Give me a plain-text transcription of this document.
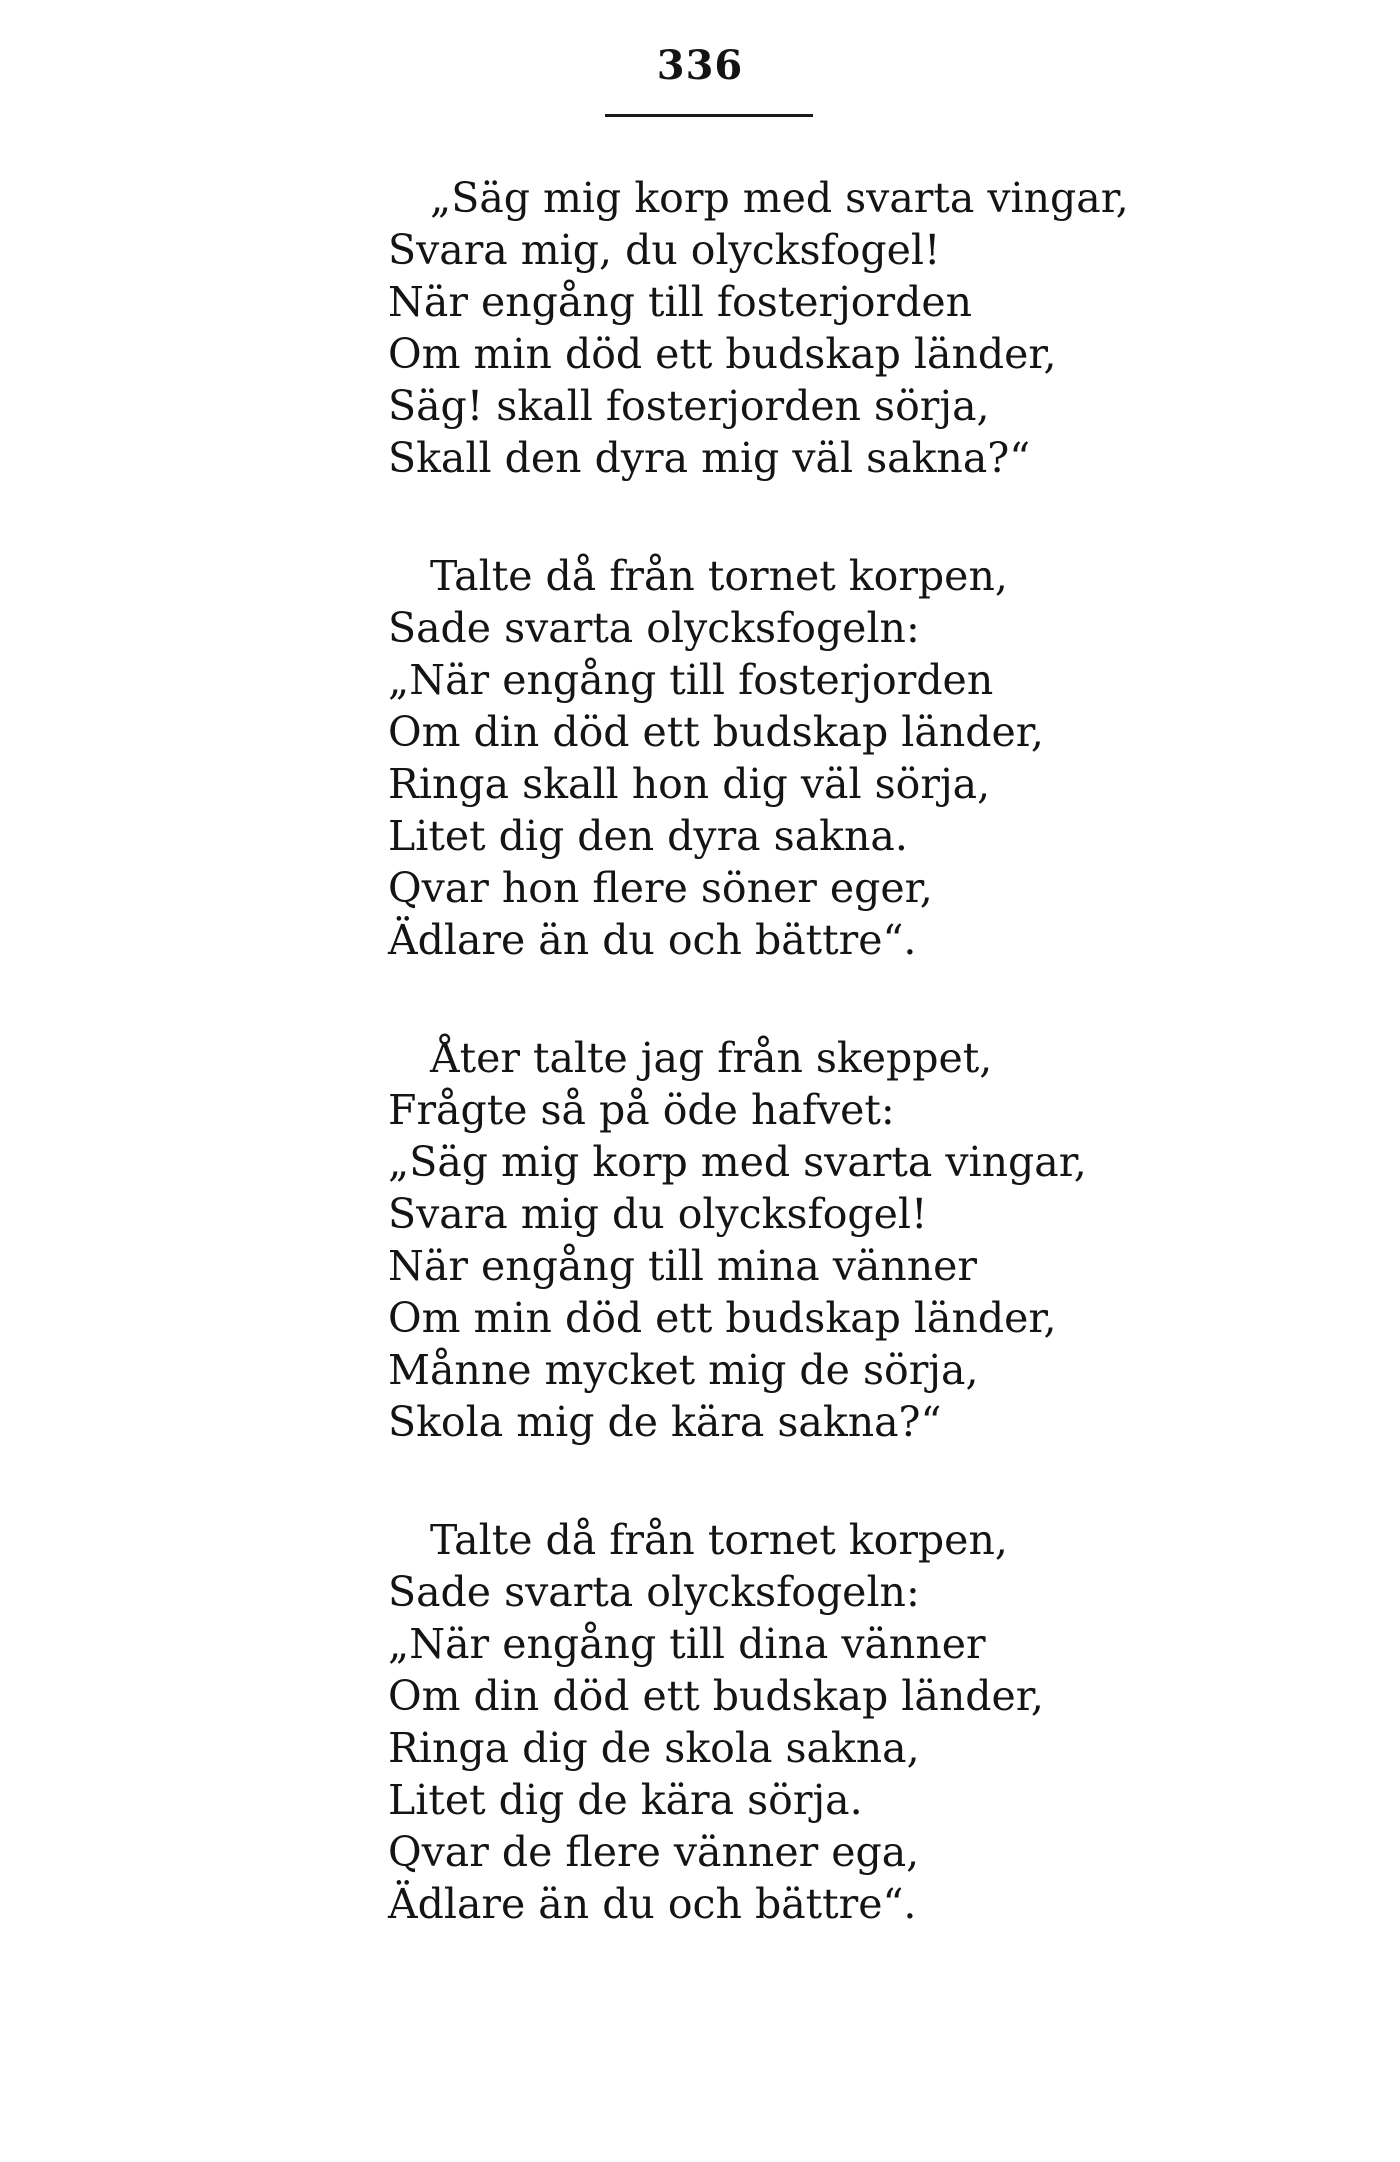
336
„Säg mig korp med svarta vingar,
Svara mig, du olycksfogel!
När engång till fosterjorden
Om min död ett budskap länder,
Säg! skall fosterjorden sörja,
Skall den dyra mig väl sakna?“
Talte då från tornet korpen,
Sade svarta olycksfogeln:
„När engång till fosterjorden
Om din död ett budskap länder,
Ringa skall hon dig väl sörja,
Litet dig den dyra sakna.
Qvar hon flere söner eger,
Ädlare än du och bättre“.
Åter talte jag från skeppet,
Frågte så på öde hafvet:
„Säg mig korp med svarta vingar,
Svara mig du olycksfogel!
När engång till mina vänner
Om min död ett budskap länder,
Månne mycket mig de sörja,
Skola mig de kära sakna?“
Talte då från tornet korpen,
Sade svarta olycksfogeln:
„När engång till dina vänner
Om din död ett budskap länder,
Ringa dig de skola sakna,
Litet dig de kära sörja.
Qvar de flere vänner ega,
Ädlare än du och bättre“.
